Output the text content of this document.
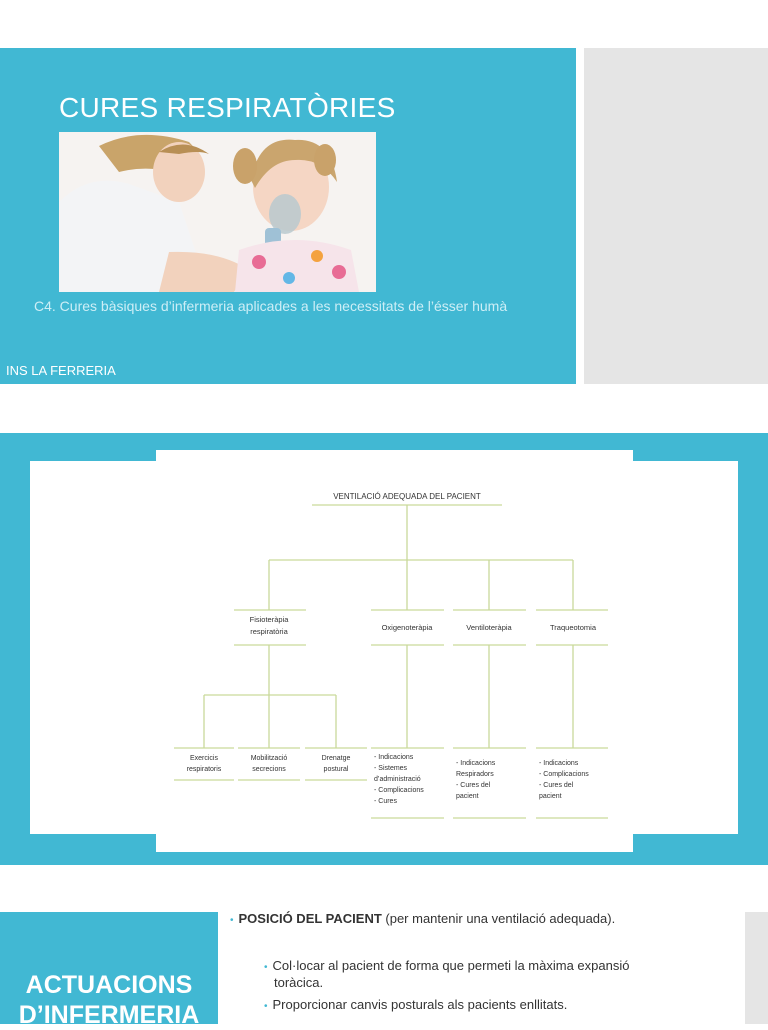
CURES RESPIRATÒRIES
C4. Cures bàsiques d’infermeria aplicades a les necessitats de l’ésser humà
INS LA FERRERIA
VENTILACIÓ ADEQUADA DEL PACIENT
Fisioteràpia
respiratòria	Oxigenoteràpia	Ventiloteràpia	Traqueotomia
Exercicis
respiratoris
Mobilització
secrecions
Drenatge
postural
- Indicacions
- Sistemes
d’administració
- Complicacions
- Cures
- Indicacions
Respiradors
- Cures del
pacient
- Indicacions
- Complicacions
- Cures del
pacient
ACTUACIONS
D’INFERMERIA
• POSICIÓ DEL PACIENT (per mantenir una ventilació adequada).
• Col·locar al pacient de forma que permeti la màxima expansió
toràcica.
• Proporcionar canvis posturals als pacients enllitats.
